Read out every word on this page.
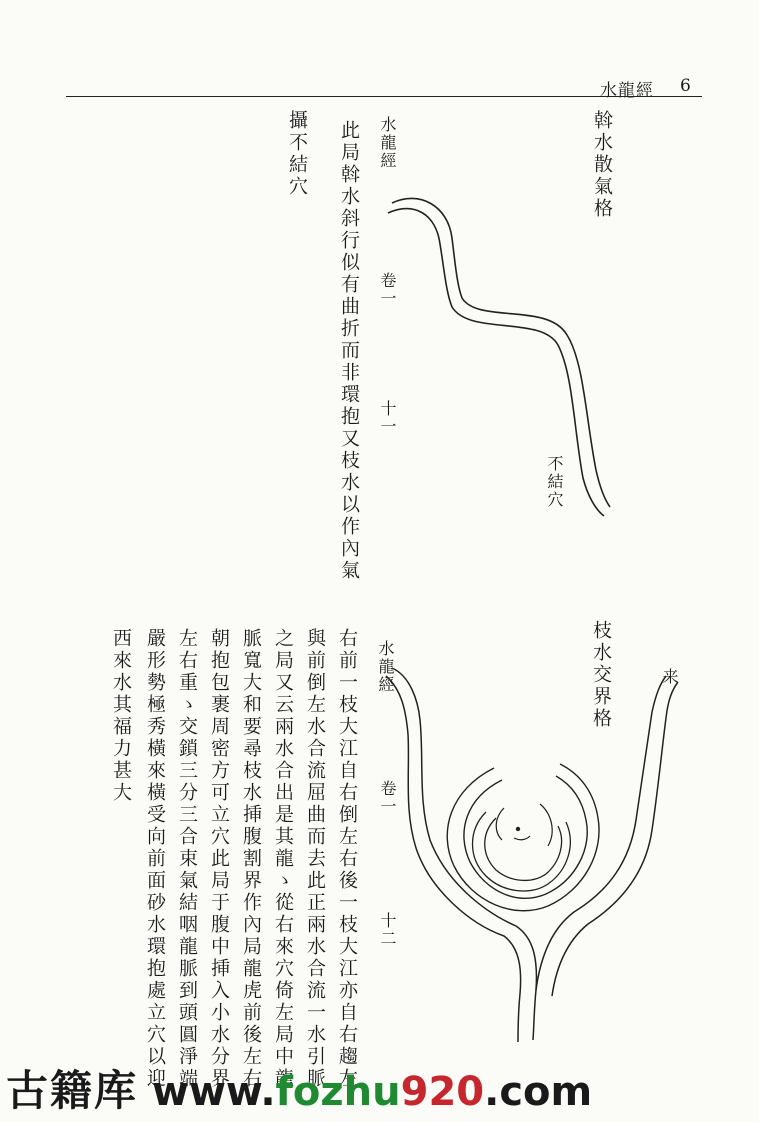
水龍經 6
斡水散氣格
水龍經
卷一
十一
不結穴
此局斡水斜行似有曲折而非環抱又枝水以作內氣
攝不結穴
枝水交界格
水龍經
卷一
十二
来
右前一枝大江自右倒左右後一枝大江亦自右趨左
與前倒左水合流屈曲而去此正兩水合流一水引脈
之局又云兩水合出是其龍ゝ從右來穴倚左局中龍
脈寬大和要尋枝水挿腹割界作內局龍虎前後左右
朝抱包裹周密方可立穴此局于腹中挿入小水分界
左右重ゝ交鎖三分三合束氣結咽龍脈到頭圓淨端
嚴形勢極秀橫來橫受向前面砂水環抱處立穴以迎
西來水其福力甚大
古籍库 www.fozhu920.com
